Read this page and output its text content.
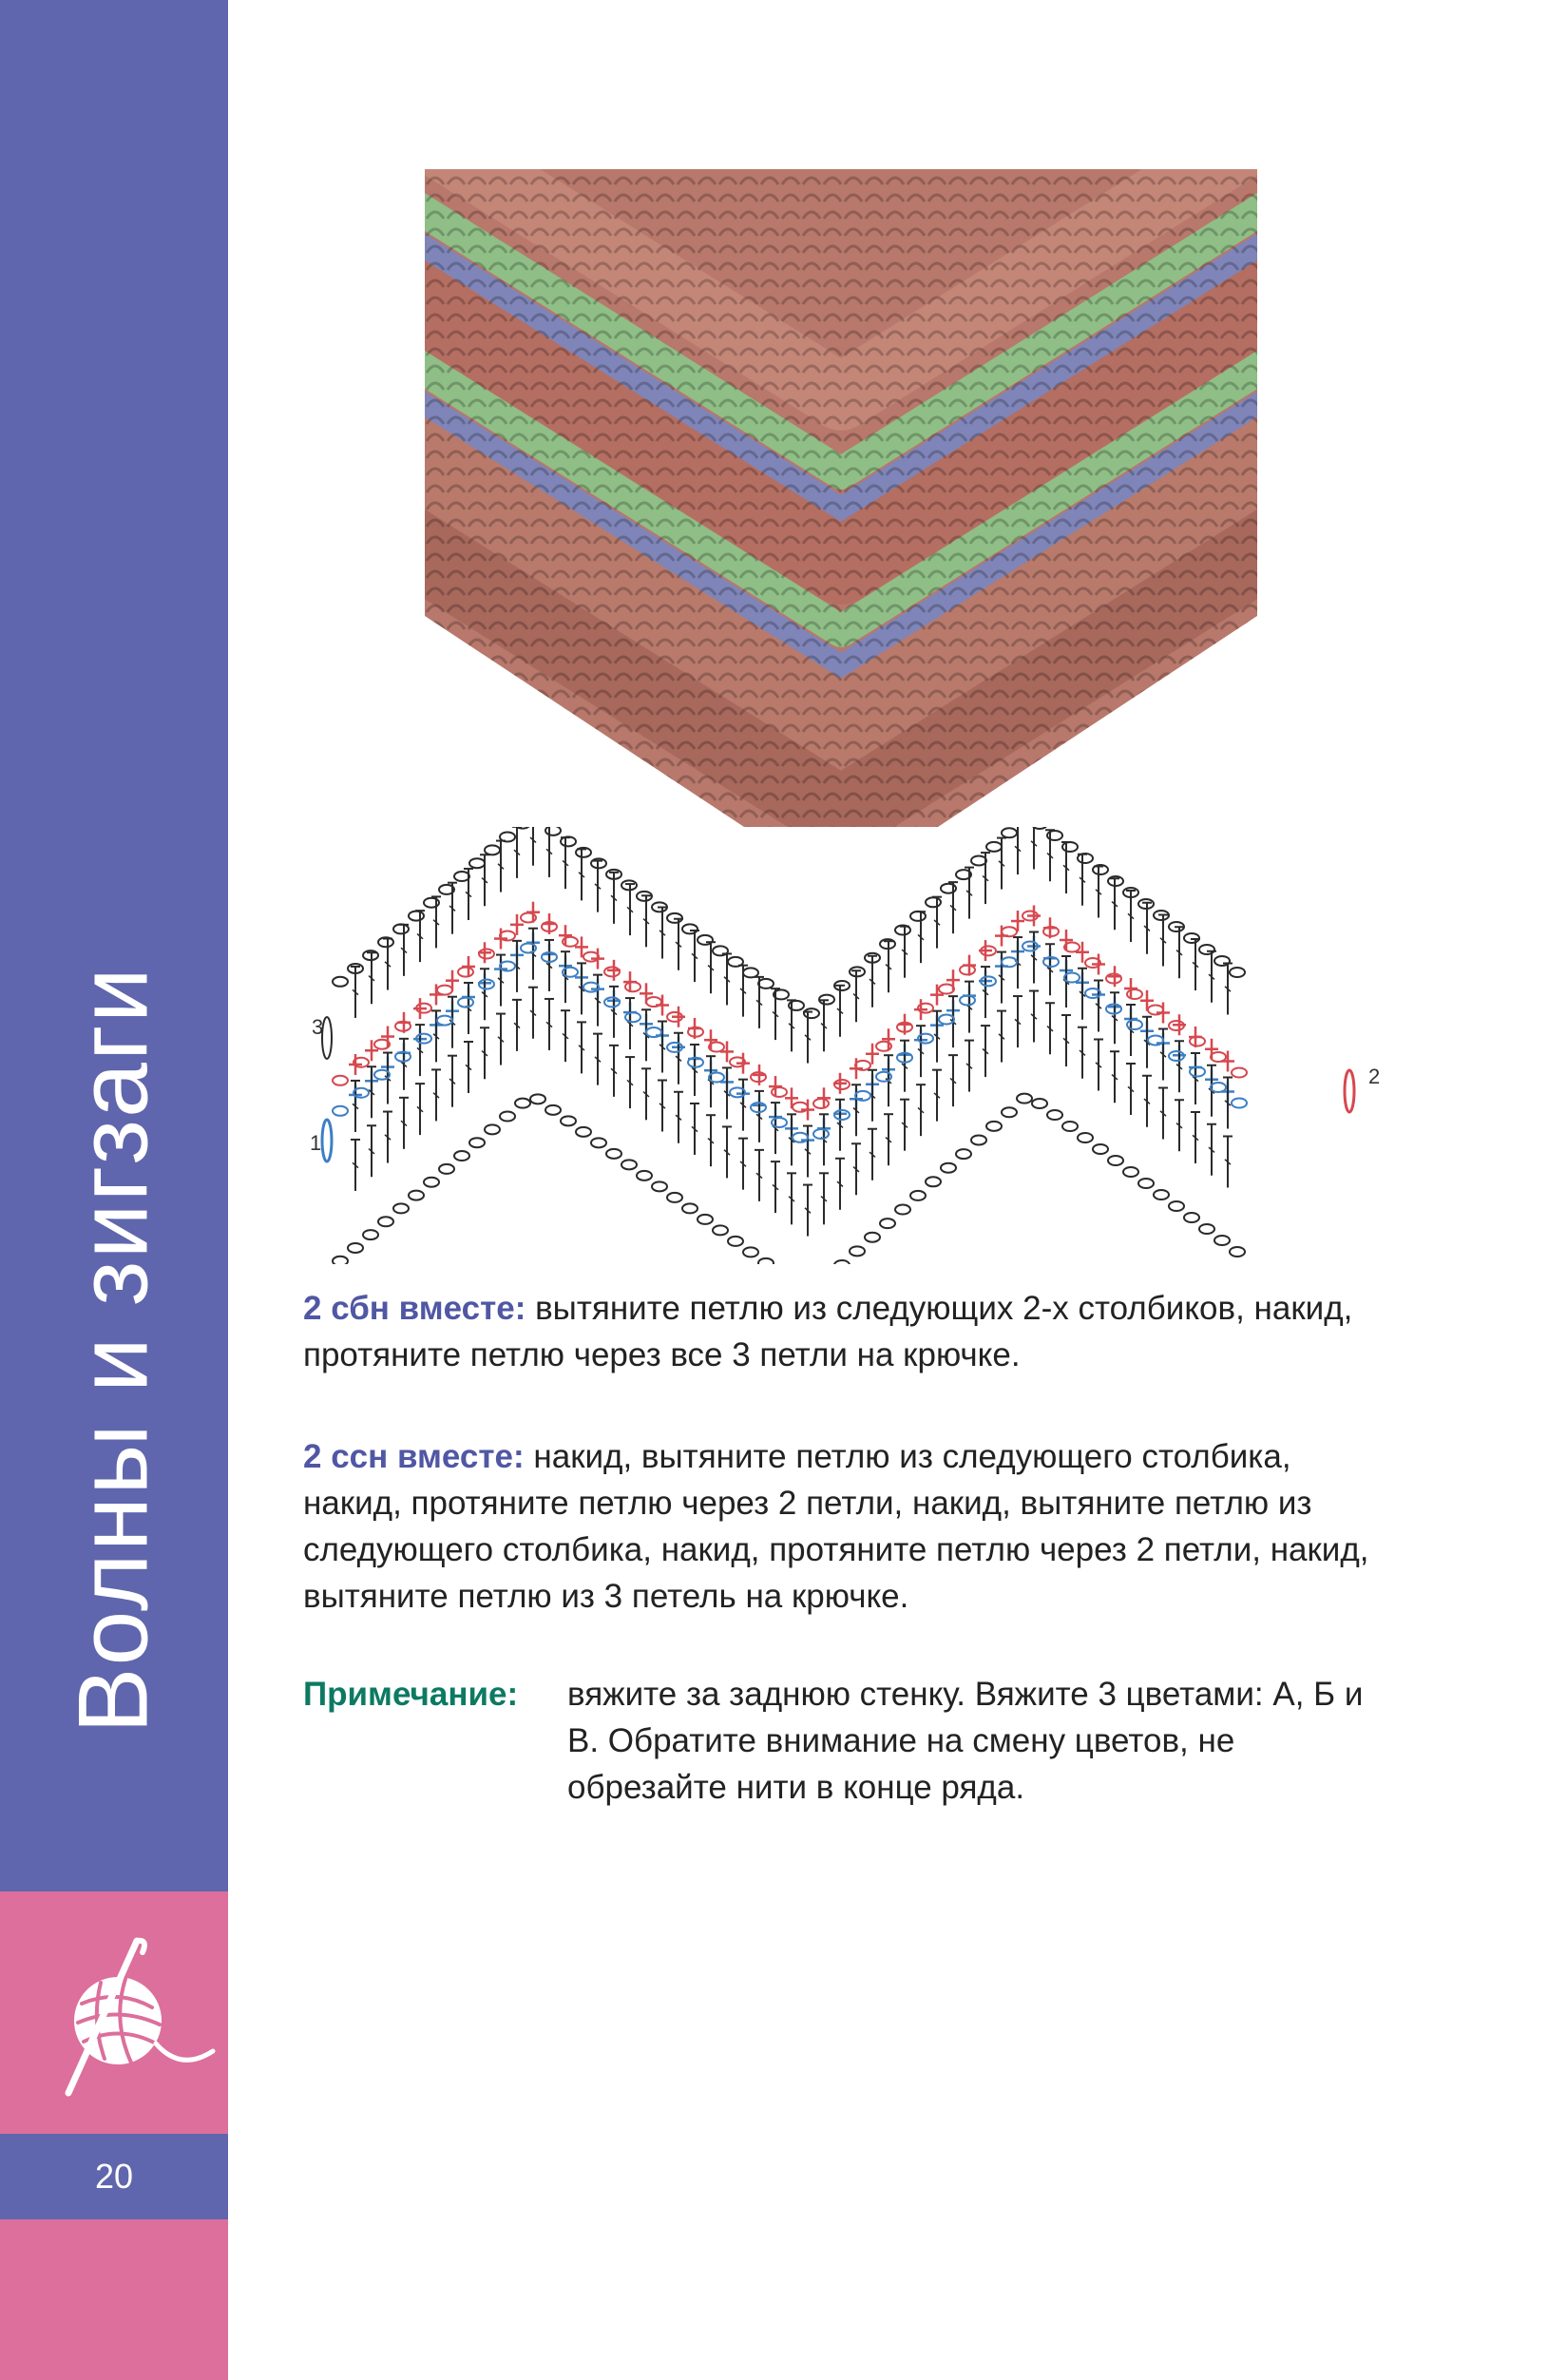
Волны и зигзаги
20
1
2
3
2 сбн вместе: вытяните петлю из следующих 2-х столбиков, накид, протяните петлю через все 3 петли на крючке.
2 ссн вместе: накид, вытяните петлю из следующего столбика, накид, протяните петлю через 2 петли, накид, вытяните петлю из следующего столбика, накид, протяните петлю через 2 петли, накид, вытяните петлю из 3 петель на крючке.
Примечание: вяжите за заднюю стенку. Вяжите 3 цветами: А, Б и В. Обратите внимание на смену цветов, не обрезайте нити в конце ряда.
